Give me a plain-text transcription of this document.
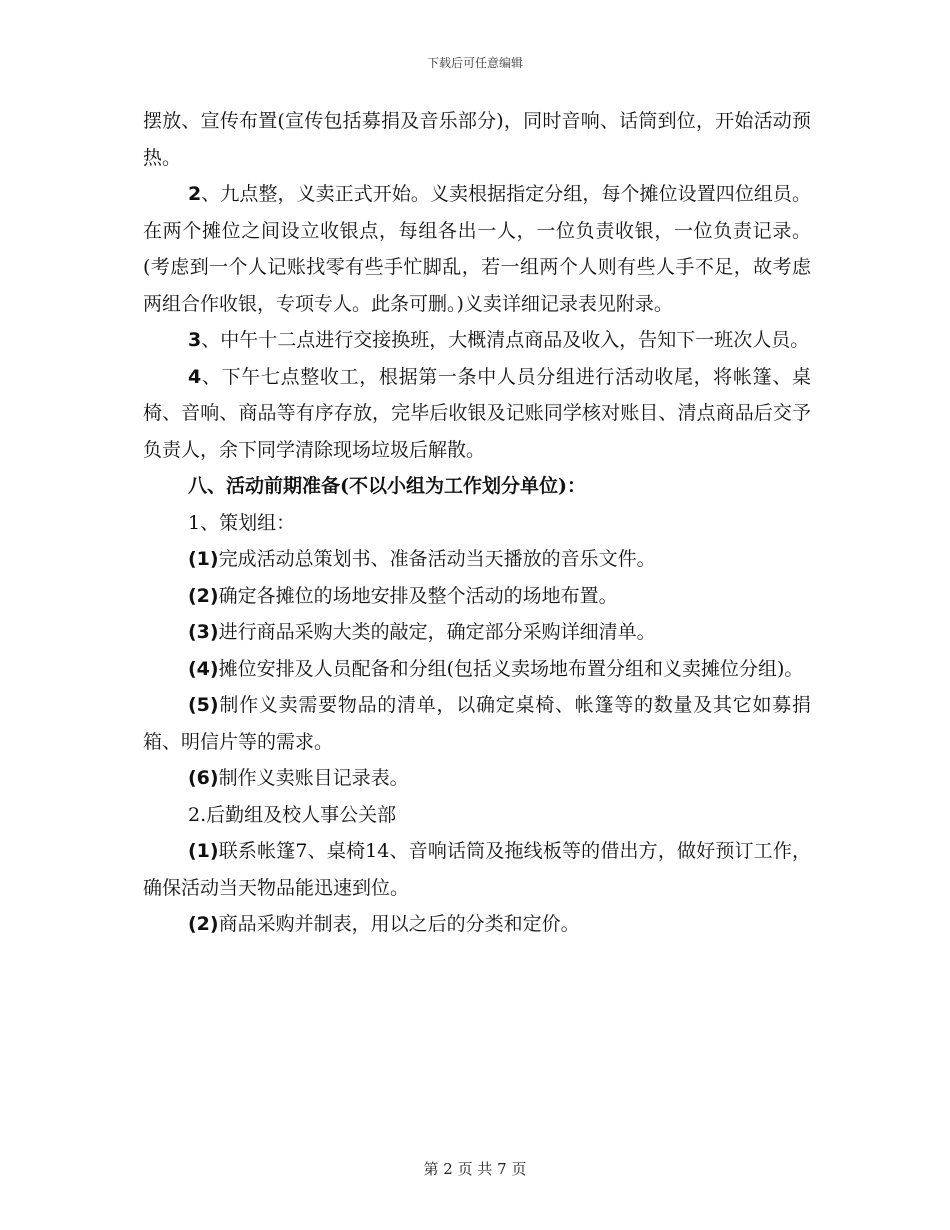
下载后可任意编辑

摆放、宣传布置(宣传包括募捐及音乐部分)，同时音响、话筒到位，开始活动预热。

2、九点整，义卖正式开始。义卖根据指定分组，每个摊位设置四位组员。在两个摊位之间设立收银点，每组各出一人，一位负责收银，一位负责记录。(考虑到一个人记账找零有些手忙脚乱，若一组两个人则有些人手不足，故考虑两组合作收银，专项专人。此条可删。)义卖详细记录表见附录。

3、中午十二点进行交接换班，大概清点商品及收入，告知下一班次人员。

4、下午七点整收工，根据第一条中人员分组进行活动收尾，将帐篷、桌椅、音响、商品等有序存放，完毕后收银及记账同学核对账目、清点商品后交予负责人，余下同学清除现场垃圾后解散。

八、活动前期准备(不以小组为工作划分单位)：

1、策划组：

(1)完成活动总策划书、准备活动当天播放的音乐文件。

(2)确定各摊位的场地安排及整个活动的场地布置。

(3)进行商品采购大类的敲定，确定部分采购详细清单。

(4)摊位安排及人员配备和分组(包括义卖场地布置分组和义卖摊位分组)。

(5)制作义卖需要物品的清单，以确定桌椅、帐篷等的数量及其它如募捐箱、明信片等的需求。

(6)制作义卖账目记录表。

2.后勤组及校人事公关部

(1)联系帐篷7、桌椅14、音响话筒及拖线板等的借出方，做好预订工作，确保活动当天物品能迅速到位。

(2)商品采购并制表，用以之后的分类和定价。

第 2 页 共 7 页
